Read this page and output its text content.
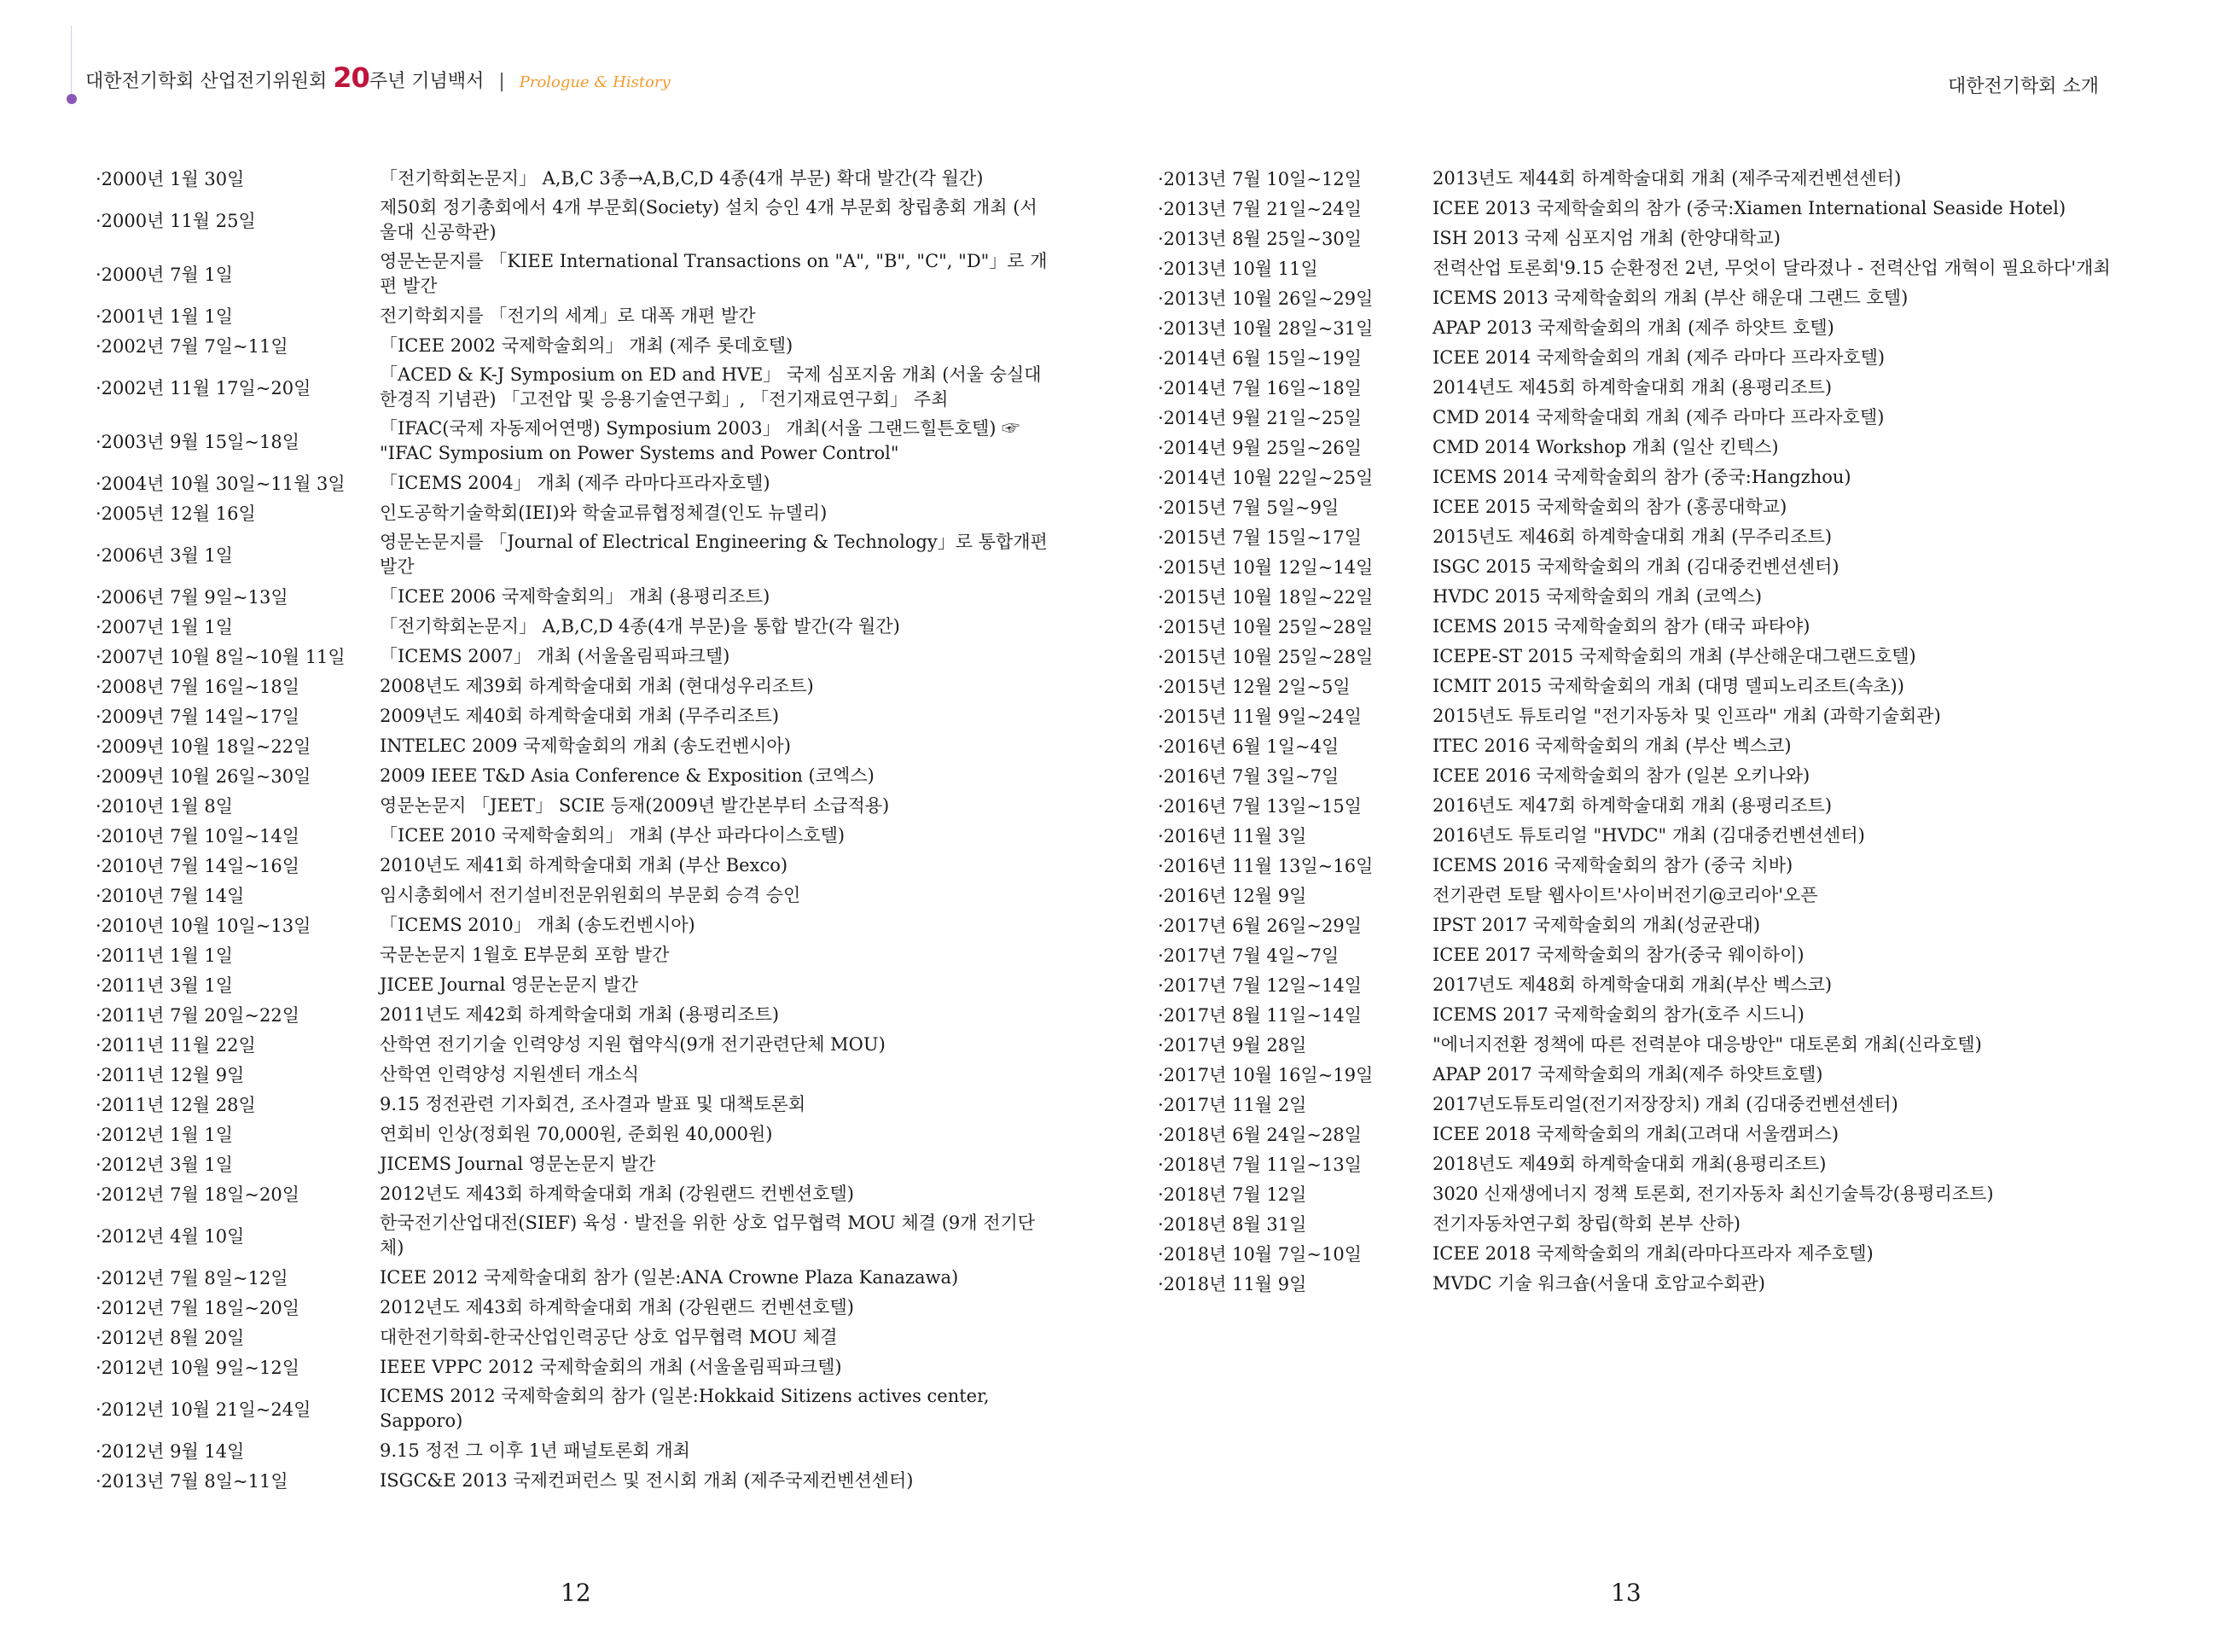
대한전기학회 산업전기위원회 20주년 기념백서 | Prologue & History	대한전기학회 소개
·2000년 1월 30일	「전기학회논문지」 A,B,C 3종→A,B,C,D 4종(4개 부문) 확대 발간(각 월간)
·2000년 11월 25일
제50회 정기총회에서 4개 부문회(Society) 설치 승인 4개 부문회 창립총회 개최 (서울대 신공학관)
·2000년 7월 1일
영문논문지를 「KIEE International Transactions on "A", "B", "C", "D"」로 개편 발간
·2001년 1월 1일	전기학회지를 「전기의 세계」로 대폭 개편 발간
·2002년 7월 7일~11일	「ICEE 2002 국제학술회의」 개최 (제주 롯데호텔)
·2002년 11월 17일~20일
「ACED & K-J Symposium on ED and HVE」 국제 심포지움 개최 (서울 숭실대 한경직 기념관) 「고전압 및 응용기술연구회」, 「전기재료연구회」 주최
·2003년 9월 15일~18일
「IFAC(국제 자동제어연맹) Symposium 2003」 개최(서울 그랜드힐튼호텔) ☞ "IFAC Symposium on Power Systems and Power Control"
·2004년 10월 30일~11월 3일	「ICEMS 2004」 개최 (제주 라마다프라자호텔)
·2005년 12월 16일	인도공학기술학회(IEI)와 학술교류협정체결(인도 뉴델리)
·2006년 3월 1일
영문논문지를 「Journal of Electrical Engineering & Technology」로 통합개편 발간
·2006년 7월 9일~13일	「ICEE 2006 국제학술회의」 개최 (용평리조트)
·2007년 1월 1일	「전기학회논문지」 A,B,C,D 4종(4개 부문)을 통합 발간(각 월간)
·2007년 10월 8일~10월 11일	「ICEMS 2007」 개최 (서울올림픽파크텔)
·2008년 7월 16일~18일	2008년도 제39회 하계학술대회 개최 (현대성우리조트)
·2009년 7월 14일~17일	2009년도 제40회 하계학술대회 개최 (무주리조트)
·2009년 10월 18일~22일	INTELEC 2009 국제학술회의 개최 (송도컨벤시아)
·2009년 10월 26일~30일	2009 IEEE T&D Asia Conference & Exposition (코엑스)
·2010년 1월 8일	영문논문지 「JEET」 SCIE 등재(2009년 발간본부터 소급적용)
·2010년 7월 10일~14일	「ICEE 2010 국제학술회의」 개최 (부산 파라다이스호텔)
·2010년 7월 14일~16일	2010년도 제41회 하계학술대회 개최 (부산 Bexco)
·2010년 7월 14일	임시총회에서 전기설비전문위원회의 부문회 승격 승인
·2010년 10월 10일~13일	「ICEMS 2010」 개최 (송도컨벤시아)
·2011년 1월 1일	국문논문지 1월호 E부문회 포함 발간
·2011년 3월 1일	JICEE Journal 영문논문지 발간
·2011년 7월 20일~22일	2011년도 제42회 하계학술대회 개최 (용평리조트)
·2011년 11월 22일	산학연 전기기술 인력양성 지원 협약식(9개 전기관련단체 MOU)
·2011년 12월 9일	산학연 인력양성 지원센터 개소식
·2011년 12월 28일	9.15 정전관련 기자회견, 조사결과 발표 및 대책토론회
·2012년 1월 1일	연회비 인상(정회원 70,000원, 준회원 40,000원)
·2012년 3월 1일	JICEMS Journal 영문논문지 발간
·2012년 7월 18일~20일	2012년도 제43회 하계학술대회 개최 (강원랜드 컨벤션호텔)
·2012년 4월 10일
한국전기산업대전(SIEF) 육성 · 발전을 위한 상호 업무협력 MOU 체결 (9개 전기단체)
·2012년 7월 8일~12일	ICEE 2012 국제학술대회 참가 (일본:ANA Crowne Plaza Kanazawa)
·2012년 7월 18일~20일	2012년도 제43회 하계학술대회 개최 (강원랜드 컨벤션호텔)
·2012년 8월 20일	대한전기학회-한국산업인력공단 상호 업무협력 MOU 체결
·2012년 10월 9일~12일	IEEE VPPC 2012 국제학술회의 개최 (서울올림픽파크텔)
·2012년 10월 21일~24일
ICEMS 2012 국제학술회의 참가 (일본:Hokkaid Sitizens actives center, Sapporo)
·2012년 9월 14일	9.15 정전 그 이후 1년 패널토론회 개최
·2013년 7월 8일~11일	ISGC&E 2013 국제컨퍼런스 및 전시회 개최 (제주국제컨벤션센터)
·2013년 7월 10일~12일	2013년도 제44회 하계학술대회 개최 (제주국제컨벤션센터)
·2013년 7월 21일~24일	ICEE 2013 국제학술회의 참가 (중국:Xiamen International Seaside Hotel)
·2013년 8월 25일~30일	ISH 2013 국제 심포지엄 개최 (한양대학교)
·2013년 10월 11일	전력산업 토론회'9.15 순환정전 2년, 무엇이 달라졌나 - 전력산업 개혁이 필요하다'개최
·2013년 10월 26일~29일	ICEMS 2013 국제학술회의 개최 (부산 해운대 그랜드 호텔)
·2013년 10월 28일~31일	APAP 2013 국제학술회의 개최 (제주 하얏트 호텔)
·2014년 6월 15일~19일	ICEE 2014 국제학술회의 개최 (제주 라마다 프라자호텔)
·2014년 7월 16일~18일	2014년도 제45회 하계학술대회 개최 (용평리조트)
·2014년 9월 21일~25일	CMD 2014 국제학술대회 개최 (제주 라마다 프라자호텔)
·2014년 9월 25일~26일	CMD 2014 Workshop 개최 (일산 킨텍스)
·2014년 10월 22일~25일	ICEMS 2014 국제학술회의 참가 (중국:Hangzhou)
·2015년 7월 5일~9일	ICEE 2015 국제학술회의 참가 (홍콩대학교)
·2015년 7월 15일~17일	2015년도 제46회 하계학술대회 개최 (무주리조트)
·2015년 10월 12일~14일	ISGC 2015 국제학술회의 개최 (김대중컨벤션센터)
·2015년 10월 18일~22일	HVDC 2015 국제학술회의 개최 (코엑스)
·2015년 10월 25일~28일	ICEMS 2015 국제학술회의 참가 (태국 파타야)
·2015년 10월 25일~28일	ICEPE-ST 2015 국제학술회의 개최 (부산해운대그랜드호텔)
·2015년 12월 2일~5일	ICMIT 2015 국제학술회의 개최 (대명 델피노리조트(속초))
·2015년 11월 9일~24일	2015년도 튜토리얼 "전기자동차 및 인프라" 개최 (과학기술회관)
·2016년 6월 1일~4일	ITEC 2016 국제학술회의 개최 (부산 벡스코)
·2016년 7월 3일~7일	ICEE 2016 국제학술회의 참가 (일본 오키나와)
·2016년 7월 13일~15일	2016년도 제47회 하계학술대회 개최 (용평리조트)
·2016년 11월 3일	2016년도 튜토리얼 "HVDC" 개최 (김대중컨벤션센터)
·2016년 11월 13일~16일	ICEMS 2016 국제학술회의 참가 (중국 치바)
·2016년 12월 9일	전기관련 토탈 웹사이트'사이버전기@코리아'오픈
·2017년 6월 26일~29일	IPST 2017 국제학술회의 개최(성균관대)
·2017년 7월 4일~7일	ICEE 2017 국제학술회의 참가(중국 웨이하이)
·2017년 7월 12일~14일	2017년도 제48회 하계학술대회 개최(부산 벡스코)
·2017년 8월 11일~14일	ICEMS 2017 국제학술회의 참가(호주 시드니)
·2017년 9월 28일	"에너지전환 정책에 따른 전력분야 대응방안" 대토론회 개최(신라호텔)
·2017년 10월 16일~19일	APAP 2017 국제학술회의 개최(제주 하얏트호텔)
·2017년 11월 2일	2017년도튜토리얼(전기저장장치) 개최 (김대중컨벤션센터)
·2018년 6월 24일~28일	ICEE 2018 국제학술회의 개최(고려대 서울캠퍼스)
·2018년 7월 11일~13일	2018년도 제49회 하계학술대회 개최(용평리조트)
·2018년 7월 12일	3020 신재생에너지 정책 토론회, 전기자동차 최신기술특강(용평리조트)
·2018년 8월 31일	전기자동차연구회 창립(학회 본부 산하)
·2018년 10월 7일~10일	ICEE 2018 국제학술회의 개최(라마다프라자 제주호텔)
·2018년 11월 9일	MVDC 기술 워크숍(서울대 호암교수회관)
12	13
